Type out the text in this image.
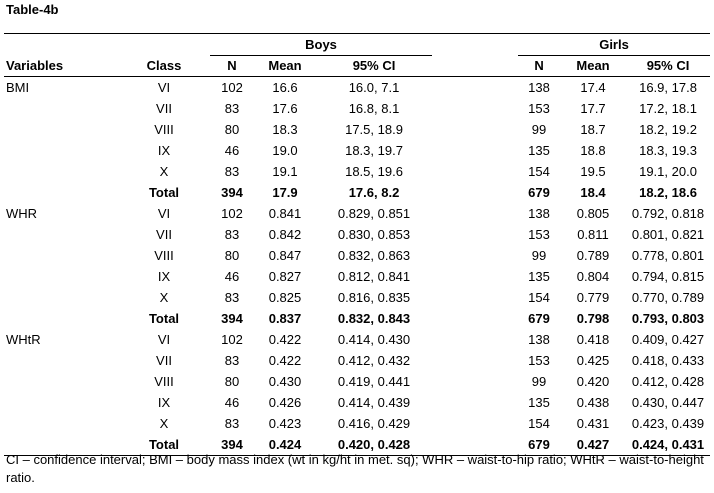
Table-4b
			Boys					Girls		
Variables	Class		N	Mean	95% CI			N	Mean	95% CI
BMI	VI		102	16.6	16.0, 7.1			138	17.4	16.9, 17.8
	VII		83	17.6	16.8, 8.1			153	17.7	17.2, 18.1
	VIII		80	18.3	17.5, 18.9			99	18.7	18.2, 19.2
	IX		46	19.0	18.3, 19.7			135	18.8	18.3, 19.3
	X		83	19.1	18.5, 19.6			154	19.5	19.1, 20.0
	Total		394	17.9	17.6, 8.2			679	18.4	18.2, 18.6
WHR	VI		102	0.841	0.829, 0.851			138	0.805	0.792, 0.818
	VII		83	0.842	0.830, 0.853			153	0.811	0.801, 0.821
	VIII		80	0.847	0.832, 0.863			99	0.789	0.778, 0.801
	IX		46	0.827	0.812, 0.841			135	0.804	0.794, 0.815
	X		83	0.825	0.816, 0.835			154	0.779	0.770, 0.789
	Total		394	0.837	0.832, 0.843			679	0.798	0.793, 0.803
WHtR	VI		102	0.422	0.414, 0.430			138	0.418	0.409, 0.427
	VII		83	0.422	0.412, 0.432			153	0.425	0.418, 0.433
	VIII		80	0.430	0.419, 0.441			99	0.420	0.412, 0.428
	IX		46	0.426	0.414, 0.439			135	0.438	0.430, 0.447
	X		83	0.423	0.416, 0.429			154	0.431	0.423, 0.439
	Total		394	0.424	0.420, 0.428			679	0.427	0.424, 0.431
CI – confidence interval; BMI – body mass index (wt in kg/ht in met. sq); WHR – waist-to-hip ratio; WHtR – waist-to-height ratio.
